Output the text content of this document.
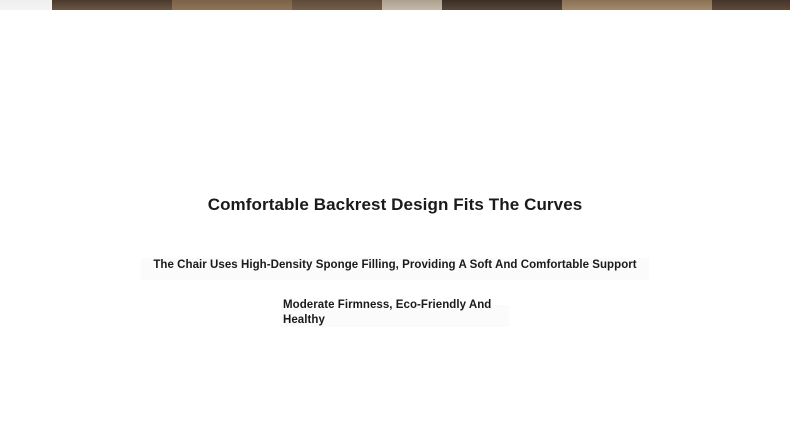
Comfortable Backrest Design Fits The Curves
The Chair Uses High-Density Sponge Filling, Providing A Soft And Comfortable Support
Moderate Firmness, Eco-Friendly And Healthy
